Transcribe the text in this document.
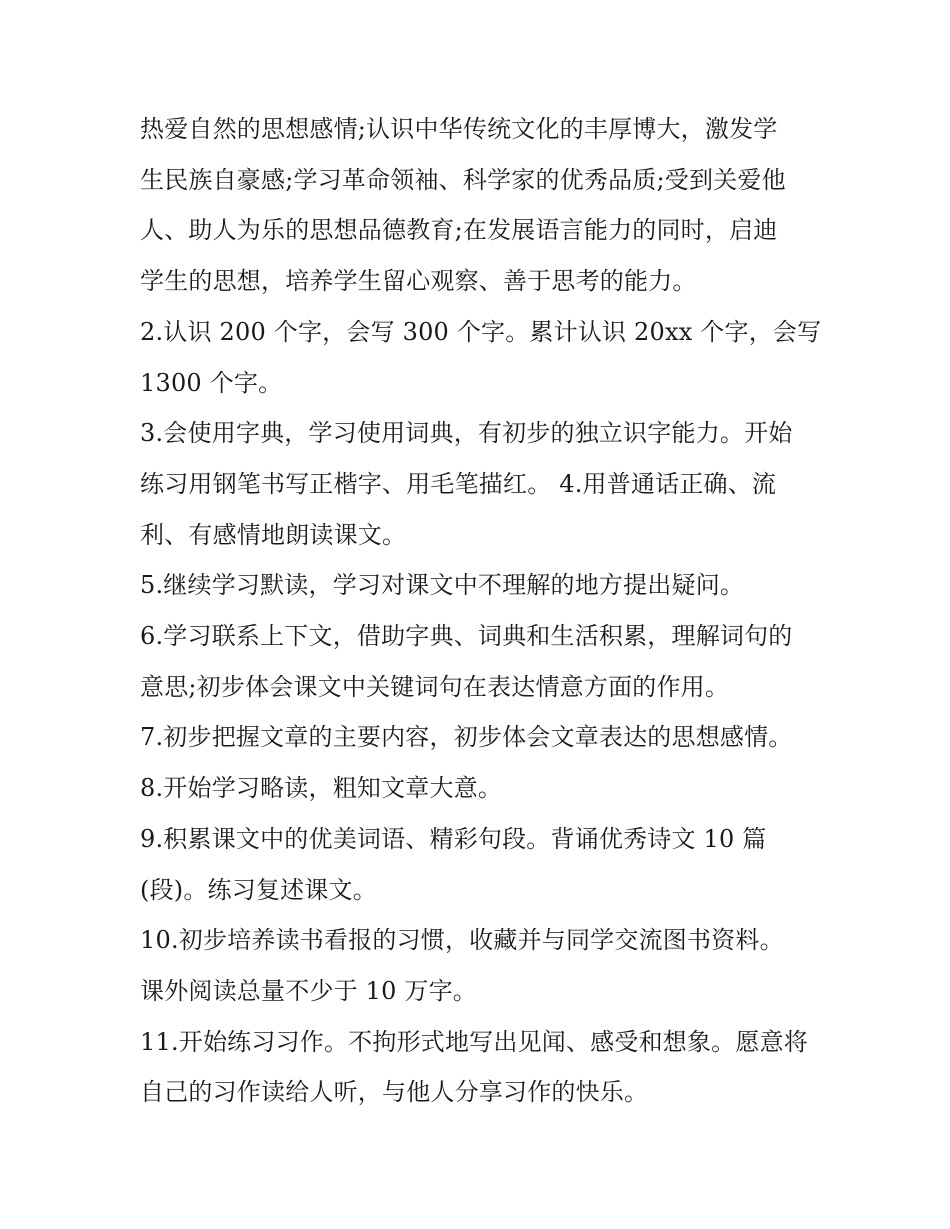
热爱自然的思想感情;认识中华传统文化的丰厚博大，激发学

生民族自豪感;学习革命领袖、科学家的优秀品质;受到关爱他

人、助人为乐的思想品德教育;在发展语言能力的同时，启迪

学生的思想，培养学生留心观察、善于思考的能力。

2.认识 200 个字，会写 300 个字。累计认识 20xx 个字，会写

1300 个字。

3.会使用字典，学习使用词典，有初步的独立识字能力。开始

练习用钢笔书写正楷字、用毛笔描红。 4.用普通话正确、流

利、有感情地朗读课文。

5.继续学习默读，学习对课文中不理解的地方提出疑问。

6.学习联系上下文，借助字典、词典和生活积累，理解词句的

意思;初步体会课文中关键词句在表达情意方面的作用。

7.初步把握文章的主要内容，初步体会文章表达的思想感情。

8.开始学习略读，粗知文章大意。

9.积累课文中的优美词语、精彩句段。背诵优秀诗文 10 篇

(段)。练习复述课文。

10.初步培养读书看报的习惯，收藏并与同学交流图书资料。

课外阅读总量不少于 10 万字。

11.开始练习习作。不拘形式地写出见闻、感受和想象。愿意将

自己的习作读给人听，与他人分享习作的快乐。
